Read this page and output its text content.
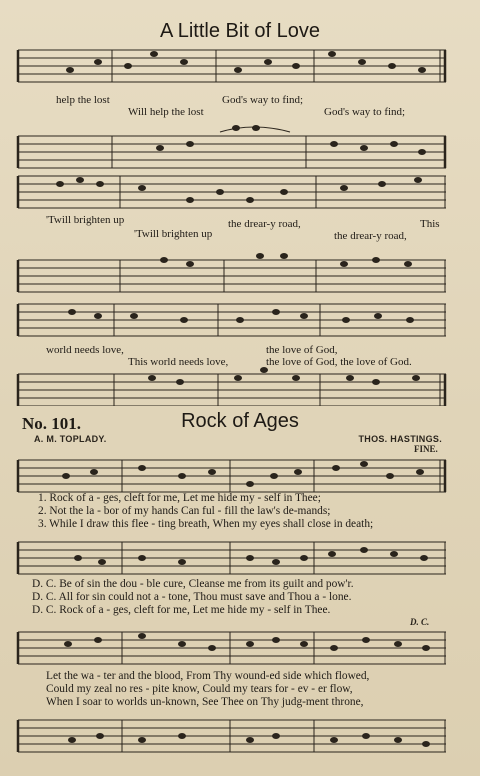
A Little Bit of Love
help the lost
Will help the lost
God's way to find;
God's way to find;
'Twill brighten up
'Twill brighten up
the drear-y road,
the drear-y road,
This
world needs love,
This world needs love,
the love of God,
the love of God, the love of God.
No. 101.	Rock of Ages
A. M. TOPLADY.	THOS. HASTINGS.
FINE.
1. Rock of a - ges, cleft for me, Let me hide my - self in Thee;
2. Not the la - bor of my hands Can ful - fill the law's de-mands;
3. While I draw this flee - ting breath, When my eyes shall close in death;
D. C. Be of sin the dou - ble cure, Cleanse me from its guilt and pow'r.
D. C. All for sin could not a - tone, Thou must save and Thou a - lone.
D. C. Rock of a - ges, cleft for me, Let me hide my - self in Thee.
D. C.
Let the wa - ter and the blood, From Thy wound-ed side which flowed,
Could my zeal no res - pite know, Could my tears for - ev - er flow,
When I soar to worlds un-known, See Thee on Thy judg-ment throne,
